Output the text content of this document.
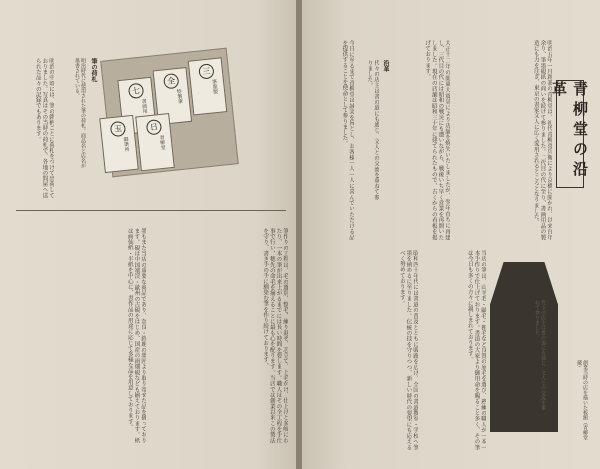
青柳堂の沿革
明治五年一月創業の青柳堂は、初代青柳喜兵衛により京橋に開かれ、以来百年余り、筆墨硯紙の商いを続けて参りました。二代目の代に至り、書画用品の製造にも力を注ぎ、東京の書家文人に広く愛用されるところとなりました。
大正十二年の関東大震災により店舗を焼失いたしましたが、翌年直ちに再建し、三代目の代には昭和の戦災にも遭いながら、戦後いち早く営業を再開いたしました。現在の店舗は昭和三十年に建てられたもので、古くからの看板を掲げております。
沿革
代々の店主は書の道にも通じ、文人との交流を重ねて参りました。
今日に至るまで青柳堂は誠実を旨とし、お客様一人一人に喜んでいただける品を提供することを使命として参りました。
当店の筆は、山羊毛・鼬毛・狸毛など良質の原毛を選び、熟練の職人が一本一本手作りで仕上げております。書道の大家より御用命を賜ること多く、その筆は今日も多くの方々に親しまれております。
昭和四十年代には書道の普及とともに販路を広げ、全国の書道教室・学校へ筆墨を納めるに至りました。伝統の技を守りつつ、新しい時代の要望にも応えるべく努めております。
代々の店主は書の道にも通じ、文人との交流を重ねて参りました。
創業当時の店を描いた板額（青柳堂蔵）
三
筆墨製
全
特製筆
七
書画用
玉
御筆所
日
青柳堂
筆の荷札
明治時代に使用された筆の荷札。商品名と店名が墨書されている。
明治の中頃には、筆の銘柄ごとに荷札をつけて出荷しておりました。写真はその当時の荷札で、各地の問屋へ送られた品々の記録でもあります。
筆作りの工程は、毛の選別、整毛、練り混ぜ、芯立て、上毛かけ、仕上げと多岐にわたり、一本の筆が出来上がるまでには長い時間を要します。職人はその全工程を手仕事で行い、穂先の命毛を揃えることに最も心を配ります。当店では創業以来この製法を守り、書き手の手に馴染む筆を作り続けております。
墨もまた当店の重要な商品であり、奈良・鈴鹿の墨匠より取り寄せた品を扱っております。硯は中国端渓・歙州の古硯をはじめ、国産の雨畑硯なども揃えております。紙は画仙紙・半紙を中心に、書作品の用途に応じて多様な品を用意しております。
